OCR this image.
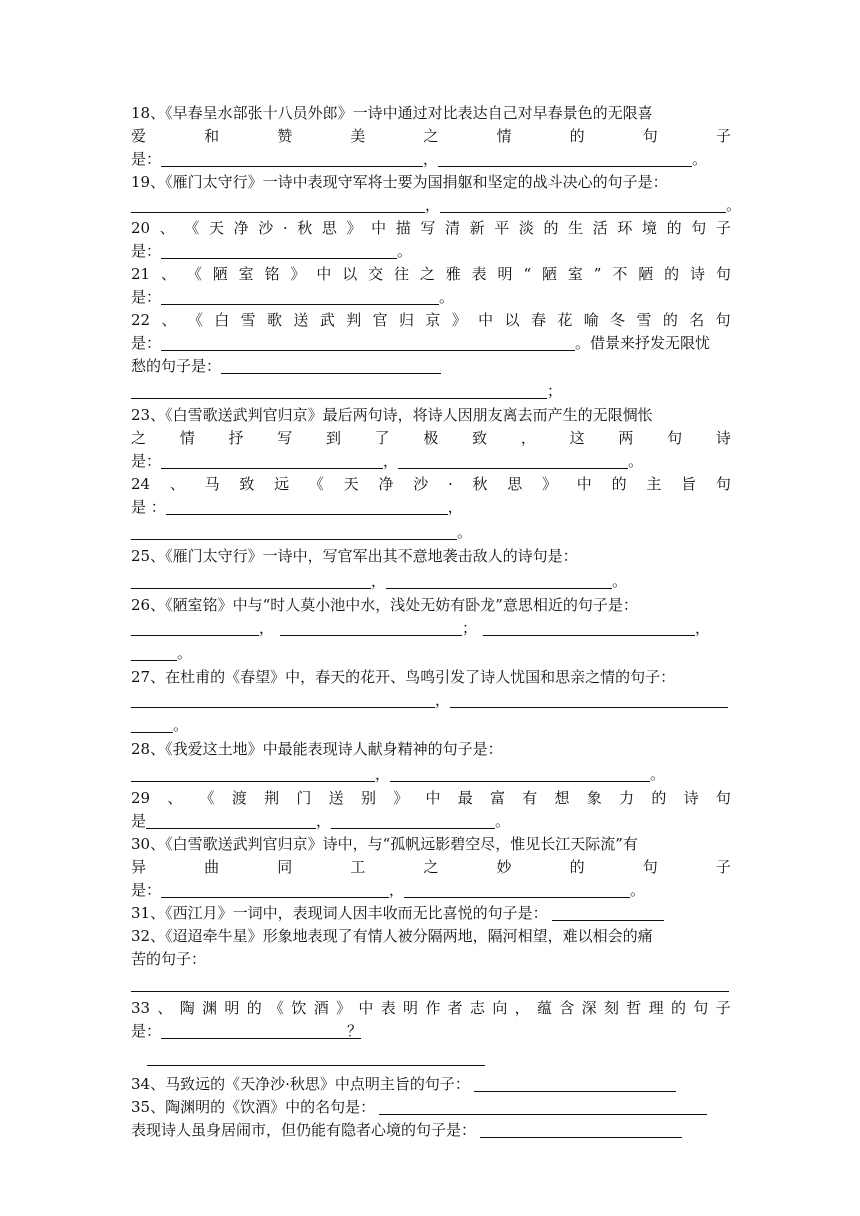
18、《早春呈水部张十八员外郎》一诗中通过对比表达自己对早春景色的无限喜
爱	和	赞	美	之	情	的	句	子
是：	，	。
19、《雁门太守行》一诗中表现守军将士要为国捐躯和坚定的战斗决心的句子是：
，	。
20 、 《 天 净 沙 · 秋 思 》 中 描 写 清 新 平 淡 的 生 活 环 境 的 句 子
是：	。
21 、 《 陋 室 铭 》 中 以 交 往 之 雅 表 明 “ 陋 室 ” 不 陋 的 诗 句
是：	。
22 、 《 白 雪 歌 送 武 判 官 归 京 》 中 以 春 花 喻 冬 雪 的 名 句
是：	。借景来抒发无限忧
愁的句子是：
；
23、《白雪歌送武判官归京》最后两句诗，将诗人因朋友离去而产生的无限惆怅
之 情 抒 写 到 了 极 致 ， 这 两 句 诗
是：	，	。
24 、 马 致 远 《 天 净 沙 · 秋 思 》 中 的 主 旨 句
是 ：	，
。
25、《雁门太守行》一诗中，写官军出其不意地袭击敌人的诗句是：
，	。
26、《陋室铭》中与“时人莫小池中水，浅处无妨有卧龙”意思相近的句子是：
，	；	，
。
27、在杜甫的《春望》中，春天的花开、鸟鸣引发了诗人忧国和思亲之情的句子：
，
。
28、《我爱这土地》中最能表现诗人献身精神的句子是：
，	。
29 、 《 渡 荆 门 送 别 》 中 最 富 有 想 象 力 的 诗 句
是	，	。
30、《白雪歌送武判官归京》诗中，与“孤帆远影碧空尽，惟见长江天际流”有
异	曲	同	工	之	妙	的	句	子
是：	，	。
31、《西江月》一词中，表现词人因丰收而无比喜悦的句子是：
32、《迢迢牵牛星》形象地表现了有情人被分隔两地，隔河相望，难以相会的痛
苦的句子：
33 、 陶 渊 明 的 《 饮 酒 》 中 表 明 作 者 志 向 ， 蕴 含 深 刻 哲 理 的 句 子
是：	？
34、马致远的《天净沙·秋思》中点明主旨的句子：
35、陶渊明的《饮酒》中的名句是：
表现诗人虽身居闹市，但仍能有隐者心境的句子是：
